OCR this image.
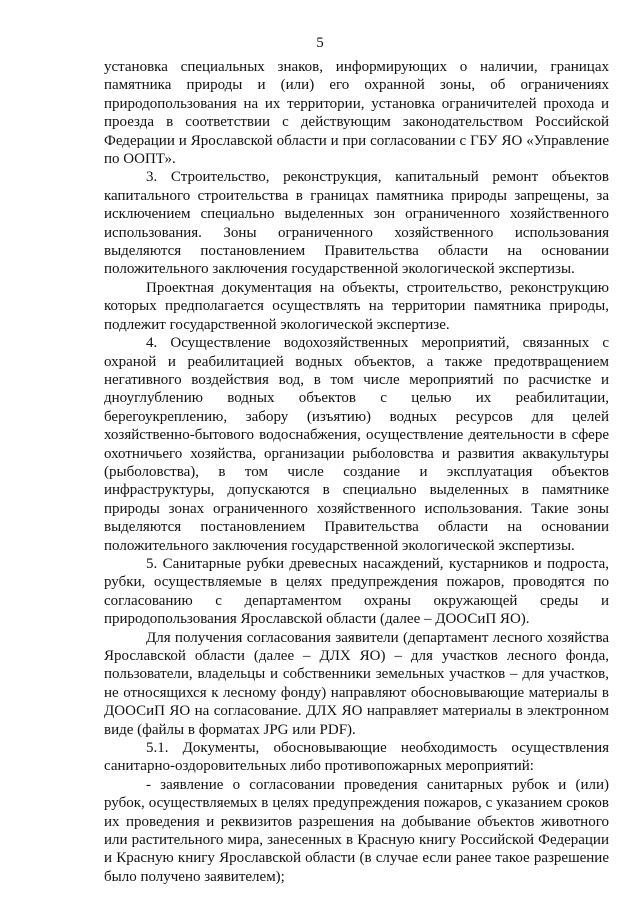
5

установка специальных знаков, информирующих о наличии, границах памятника природы и (или) его охранной зоны, об ограничениях природопользования на их территории, установка ограничителей прохода и проезда в соответствии с действующим законодательством Российской Федерации и Ярославской области и при согласовании с ГБУ ЯО «Управление по ООПТ».

3. Строительство, реконструкция, капитальный ремонт объектов капитального строительства в границах памятника природы запрещены, за исключением специально выделенных зон ограниченного хозяйственного использования. Зоны ограниченного хозяйственного использования выделяются постановлением Правительства области на основании положительного заключения государственной экологической экспертизы.

Проектная документация на объекты, строительство, реконструкцию которых предполагается осуществлять на территории памятника природы, подлежит государственной экологической экспертизе.

4. Осуществление водохозяйственных мероприятий, связанных с охраной и реабилитацией водных объектов, а также предотвращением негативного воздействия вод, в том числе мероприятий по расчистке и дноуглублению водных объектов с целью их реабилитации, берегоукреплению, забору (изъятию) водных ресурсов для целей хозяйственно-бытового водоснабжения, осуществление деятельности в сфере охотничьего хозяйства, организации рыболовства и развития аквакультуры (рыболовства), в том числе создание и эксплуатация объектов инфраструктуры, допускаются в специально выделенных в памятнике природы зонах ограниченного хозяйственного использования. Такие зоны выделяются постановлением Правительства области на основании положительного заключения государственной экологической экспертизы.

5. Санитарные рубки древесных насаждений, кустарников и подроста, рубки, осуществляемые в целях предупреждения пожаров, проводятся по согласованию с департаментом охраны окружающей среды и природопользования Ярославской области (далее – ДООСиП ЯО).

Для получения согласования заявители (департамент лесного хозяйства Ярославской области (далее – ДЛХ ЯО) – для участков лесного фонда, пользователи, владельцы и собственники земельных участков – для участков, не относящихся к лесному фонду) направляют обосновывающие материалы в ДООСиП ЯО на согласование. ДЛХ ЯО направляет материалы в электронном виде (файлы в форматах JPG или PDF).

5.1. Документы, обосновывающие необходимость осуществления санитарно-оздоровительных либо противопожарных мероприятий:

- заявление о согласовании проведения санитарных рубок и (или) рубок, осуществляемых в целях предупреждения пожаров, с указанием сроков их проведения и реквизитов разрешения на добывание объектов животного или растительного мира, занесенных в Красную книгу Российской Федерации и Красную книгу Ярославской области (в случае если ранее такое разрешение было получено заявителем);
